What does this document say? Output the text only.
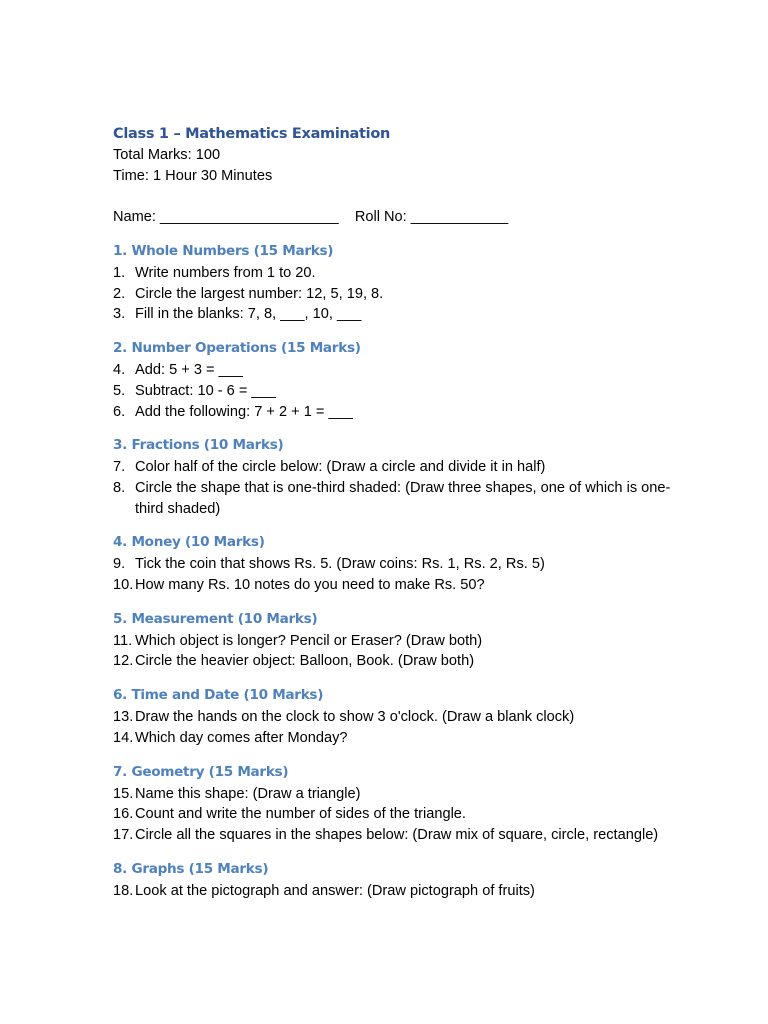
Class 1 – Mathematics Examination

Total Marks: 100

Time: 1 Hour 30 Minutes

Name: ______________________ Roll No: ____________
1. Whole Numbers (15 Marks)
1. Write numbers from 1 to 20.
2. Circle the largest number: 12, 5, 19, 8.
3. Fill in the blanks: 7, 8, ___, 10, ___
2. Number Operations (15 Marks)
4. Add: 5 + 3 = ___
5. Subtract: 10 - 6 = ___
6. Add the following: 7 + 2 + 1 = ___
3. Fractions (10 Marks)
7. Color half of the circle below: (Draw a circle and divide it in half)
8. Circle the shape that is one-third shaded: (Draw three shapes, one of which is one-third shaded)
4. Money (10 Marks)
9. Tick the coin that shows Rs. 5. (Draw coins: Rs. 1, Rs. 2, Rs. 5)
10. How many Rs. 10 notes do you need to make Rs. 50?
5. Measurement (10 Marks)
11. Which object is longer? Pencil or Eraser? (Draw both)
12. Circle the heavier object: Balloon, Book. (Draw both)
6. Time and Date (10 Marks)
13. Draw the hands on the clock to show 3 o'clock. (Draw a blank clock)
14. Which day comes after Monday?
7. Geometry (15 Marks)
15. Name this shape: (Draw a triangle)
16. Count and write the number of sides of the triangle.
17. Circle all the squares in the shapes below: (Draw mix of square, circle, rectangle)
8. Graphs (15 Marks)
18. Look at the pictograph and answer: (Draw pictograph of fruits)
